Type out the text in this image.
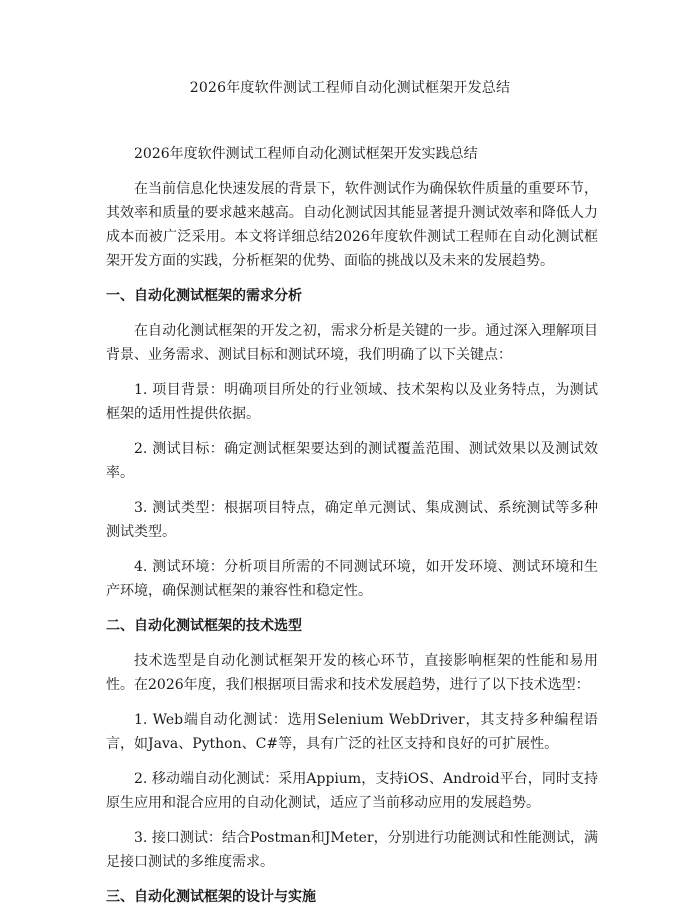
2026年度软件测试工程师自动化测试框架开发总结

2026年度软件测试工程师自动化测试框架开发实践总结

在当前信息化快速发展的背景下，软件测试作为确保软件质量的重要环节，其效率和质量的要求越来越高。自动化测试因其能显著提升测试效率和降低人力成本而被广泛采用。本文将详细总结2026年度软件测试工程师在自动化测试框架开发方面的实践，分析框架的优势、面临的挑战以及未来的发展趋势。

一、自动化测试框架的需求分析

在自动化测试框架的开发之初，需求分析是关键的一步。通过深入理解项目背景、业务需求、测试目标和测试环境，我们明确了以下关键点：

1. 项目背景：明确项目所处的行业领域、技术架构以及业务特点，为测试框架的适用性提供依据。

2. 测试目标：确定测试框架要达到的测试覆盖范围、测试效果以及测试效率。

3. 测试类型：根据项目特点，确定单元测试、集成测试、系统测试等多种测试类型。

4. 测试环境：分析项目所需的不同测试环境，如开发环境、测试环境和生产环境，确保测试框架的兼容性和稳定性。

二、自动化测试框架的技术选型

技术选型是自动化测试框架开发的核心环节，直接影响框架的性能和易用性。在2026年度，我们根据项目需求和技术发展趋势，进行了以下技术选型：

1. Web端自动化测试：选用Selenium WebDriver，其支持多种编程语言，如Java、Python、C#等，具有广泛的社区支持和良好的可扩展性。

2. 移动端自动化测试：采用Appium，支持iOS、Android平台，同时支持原生应用和混合应用的自动化测试，适应了当前移动应用的发展趋势。

3. 接口测试：结合Postman和JMeter，分别进行功能测试和性能测试，满足接口测试的多维度需求。

三、自动化测试框架的设计与实施
